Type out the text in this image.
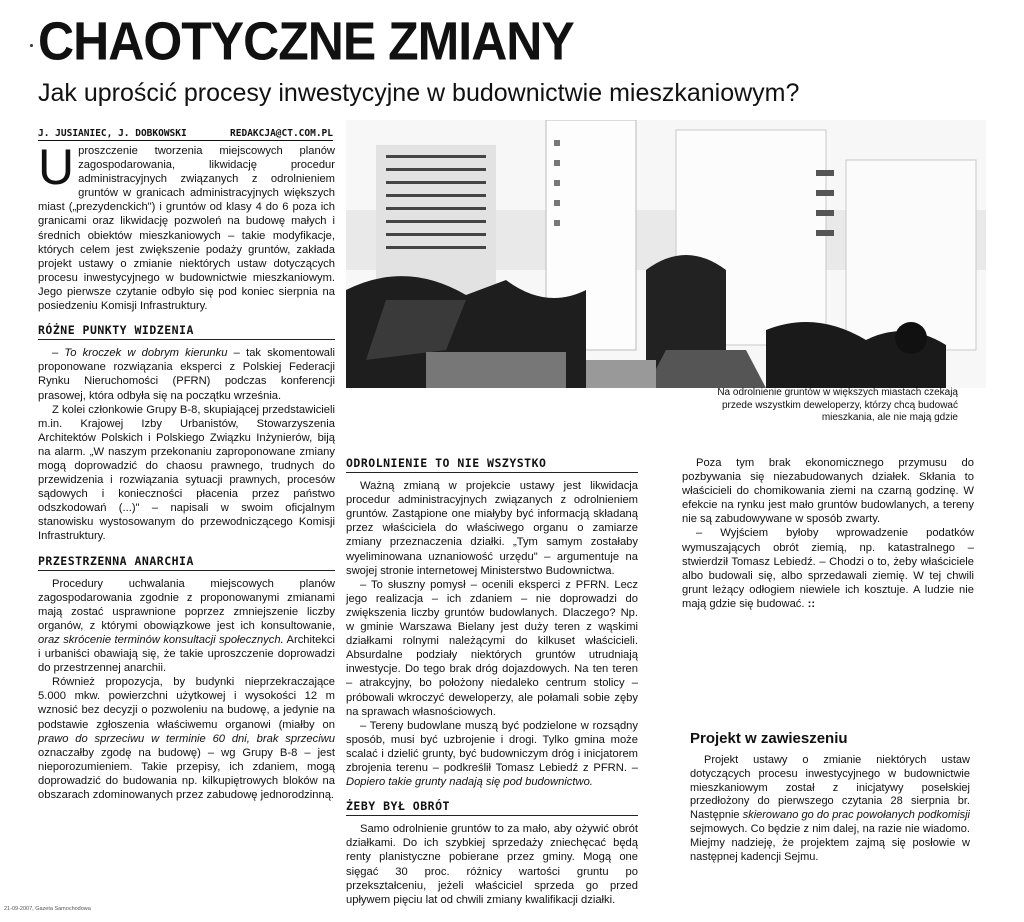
CHAOTYCZNE ZMIANY
Jak uprościć procesy inwestycyjne w budownictwie mieszkaniowym?
J. JUSIANIEC, J. DOBKOWSKI	REDAKCJA@CT.COM.PL

Uproszczenie tworzenia miejscowych planów zagospodarowania, likwidację procedur administracyjnych związanych z odrolnieniem gruntów w granicach administracyjnych większych miast („prezydenckich") i gruntów od klasy 4 do 6 poza ich granicami oraz likwidację pozwoleń na budowę małych i średnich obiektów mieszkaniowych – takie modyfikacje, których celem jest zwiększenie podaży gruntów, zakłada projekt ustawy o zmianie niektórych ustaw dotyczących procesu inwestycyjnego w budownictwie mieszkaniowym. Jego pierwsze czytanie odbyło się pod koniec sierpnia na posiedzeniu Komisji Infrastruktury.

RÓŻNE PUNKTY WIDZENIA

– To kroczek w dobrym kierunku – tak skomentowali proponowane rozwiązania eksperci z Polskiej Federacji Rynku Nieruchomości (PFRN) podczas konferencji prasowej, która odbyła się na początku września.

Z kolei członkowie Grupy B-8, skupiającej przedstawicieli m.in. Krajowej Izby Urbanistów, Stowarzyszenia Architektów Polskich i Polskiego Związku Inżynierów, biją na alarm. „W naszym przekonaniu zaproponowane zmiany mogą doprowadzić do chaosu prawnego, trudnych do przewidzenia i rozwiązania sytuacji prawnych, procesów sądowych i konieczności płacenia przez państwo odszkodowań (...)" – napisali w swoim oficjalnym stanowisku wystosowanym do przewodniczącego Komisji Infrastruktury.

PRZESTRZENNA ANARCHIA

Procedury uchwalania miejscowych planów zagospodarowania zgodnie z proponowanymi zmianami mają zostać usprawnione poprzez zmniejszenie liczby organów, z którymi obowiązkowe jest ich konsultowanie, oraz skrócenie terminów konsultacji społecznych. Architekci i urbaniści obawiają się, że takie uproszczenie doprowadzi do przestrzennej anarchii.

Również propozycja, by budynki nieprzekraczające 5.000 mkw. powierzchni użytkowej i wysokości 12 m wznosić bez decyzji o pozwoleniu na budowę, a jedynie na podstawie zgłoszenia właściwemu organowi (miałby on prawo do sprzeciwu w terminie 60 dni, brak sprzeciwu oznaczałby zgodę na budowę) – wg Grupy B-8 – jest nieporozumieniem. Takie przepisy, ich zdaniem, mogą doprowadzić do budowania np. kilkupiętrowych bloków na obszarach zdominowanych przez zabudowę jednorodzinną.

Na odrolnienie gruntów w większych miastach czekają przede wszystkim deweloperzy, którzy chcą budować mieszkania, ale nie mają gdzie
ODROLNIENIE TO NIE WSZYSTKO

Ważną zmianą w projekcie ustawy jest likwidacja procedur administracyjnych związanych z odrolnieniem gruntów. Zastąpione one miałyby być informacją składaną przez właściciela do właściwego organu o zamiarze zmiany przeznaczenia działki. „Tym samym zostałaby wyeliminowana uznaniowość urzędu" – argumentuje na swojej stronie internetowej Ministerstwo Budownictwa.

– To słuszny pomysł – ocenili eksperci z PFRN. Lecz jego realizacja – ich zdaniem – nie doprowadzi do zwiększenia liczby gruntów budowlanych. Dlaczego? Np. w gminie Warszawa Bielany jest duży teren z wąskimi działkami rolnymi należącymi do kilkuset właścicieli. Absurdalne podziały niektórych gruntów utrudniają inwestycje. Do tego brak dróg dojazdowych. Na ten teren – atrakcyjny, bo położony niedaleko centrum stolicy – próbowali wkroczyć deweloperzy, ale połamali sobie zęby na sprawach własnościowych.

– Tereny budowlane muszą być podzielone w rozsądny sposób, musi być uzbrojenie i drogi. Tylko gmina może scalać i dzielić grunty, być budowniczym dróg i inicjatorem zbrojenia terenu – podkreślił Tomasz Lebiedź z PFRN. – Dopiero takie grunty nadają się pod budownictwo.

ŻEBY BYŁ OBRÓT

Samo odrolnienie gruntów to za mało, aby ożywić obrót działkami. Do ich szybkiej sprzedaży zniechęcać będą renty planistyczne pobierane przez gminy. Mogą one sięgać 30 proc. różnicy wartości gruntu po przekształceniu, jeżeli właściciel sprzeda go przed upływem pięciu lat od chwili zmiany kwalifikacji działki.

Poza tym brak ekonomicznego przymusu do pozbywania się niezabudowanych działek. Skłania to właścicieli do chomikowania ziemi na czarną godzinę. W efekcie na rynku jest mało gruntów budowlanych, a tereny nie są zabudowywane w sposób zwarty.

– Wyjściem byłoby wprowadzenie podatków wymuszających obrót ziemią, np. katastralnego – stwierdził Tomasz Lebiedź. – Chodzi o to, żeby właściciele albo budowali się, albo sprzedawali ziemię. W tej chwili grunt leżący odłogiem niewiele ich kosztuje. A ludzie nie mają gdzie się budować. ::

Projekt w zawieszeniu

Projekt ustawy o zmianie niektórych ustaw dotyczących procesu inwestycyjnego w budownictwie mieszkaniowym został z inicjatywy posełskiej przedłożony do pierwszego czytania 28 sierpnia br. Następnie skierowano go do prac powołanych podkomisji sejmowych. Co będzie z nim dalej, na razie nie wiadomo. Miejmy nadzieję, że projektem zajmą się posłowie w następnej kadencji Sejmu.

21-09-2007, Gazeta Samochodowa
